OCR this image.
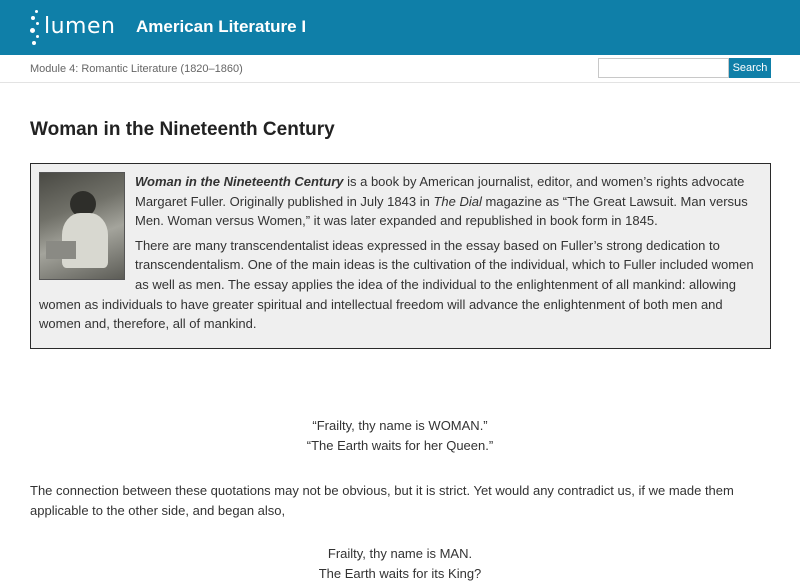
lumen American Literature I
Module 4: Romantic Literature (1820–1860)	Search
Woman in the Nineteenth Century

Woman in the Nineteenth Century is a book by American journalist, editor, and women’s rights advocate Margaret Fuller. Originally published in July 1843 in The Dial magazine as “The Great Lawsuit. Man versus Men. Woman versus Women,” it was later expanded and republished in book form in 1845.

There are many transcendentalist ideas expressed in the essay based on Fuller’s strong dedication to transcendentalism. One of the main ideas is the cultivation of the individual, which to Fuller included women as well as men. The essay applies the idea of the individual to the enlightenment of all mankind: allowing women as individuals to have greater spiritual and intellectual freedom will advance the enlightenment of both men and women and, therefore, all of mankind.

“Frailty, thy name is WOMAN.”
“The Earth waits for her Queen.”

The connection between these quotations may not be obvious, but it is strict. Yet would any contradict us, if we made them applicable to the other side, and began also,

Frailty, thy name is MAN.
The Earth waits for its King?
